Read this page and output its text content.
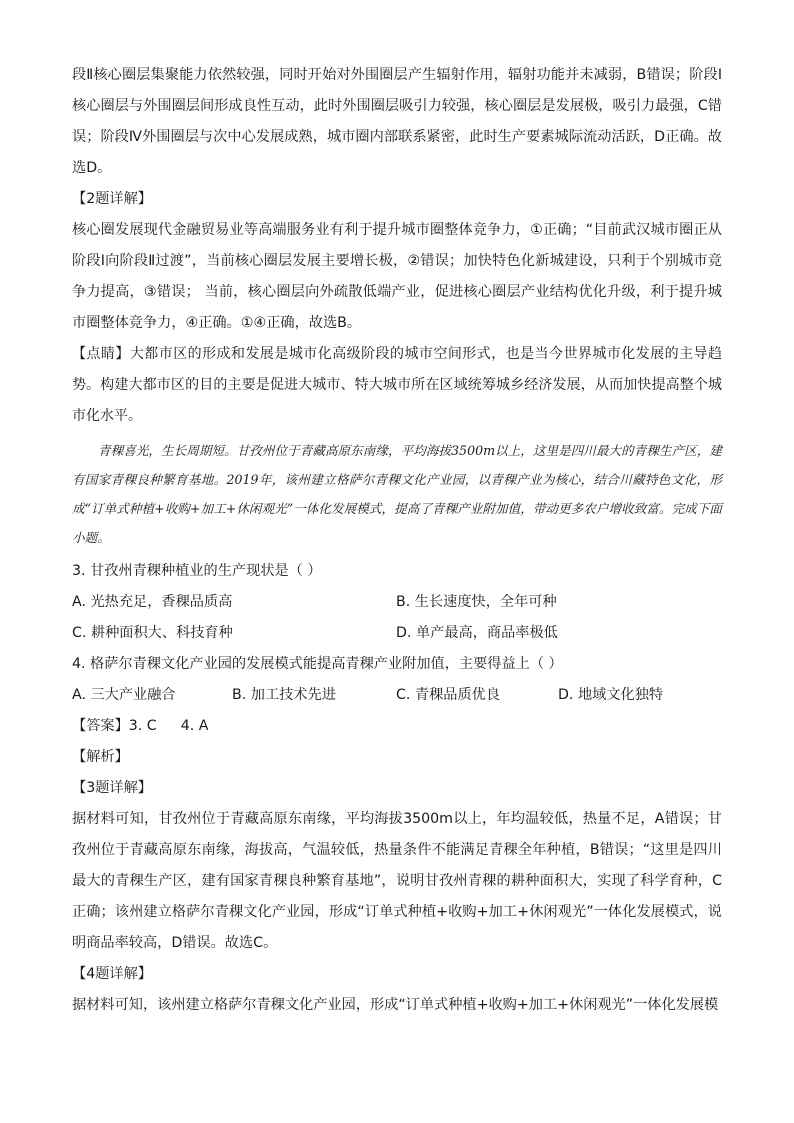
段Ⅱ核心圈层集聚能力依然较强，同时开始对外围圈层产生辐射作用，辐射功能并未减弱，B错误；阶段Ⅰ核心圈层与外围圈层间形成良性互动，此时外围圈层吸引力较强，核心圈层是发展极，吸引力最强，C错误；阶段Ⅳ外围圈层与次中心发展成熟，城市圈内部联系紧密，此时生产要素城际流动活跃，D正确。故选D。

【2题详解】

核心圈发展现代金融贸易业等高端服务业有利于提升城市圈整体竞争力，①正确；“目前武汉城市圈正从阶段Ⅰ向阶段Ⅱ过渡”，当前核心圈层发展主要增长极，②错误；加快特色化新城建设，只利于个别城市竞争力提高，③错误； 当前，核心圈层向外疏散低端产业，促进核心圈层产业结构优化升级，利于提升城市圈整体竞争力，④正确。①④正确，故选B。

【点睛】大都市区的形成和发展是城市化高级阶段的城市空间形式，也是当今世界城市化发展的主导趋势。构建大都市区的目的主要是促进大城市、特大城市所在区域统筹城乡经济发展，从而加快提高整个城市化水平。

青稞喜光，生长周期短。甘孜州位于青藏高原东南缘，平均海拔3500m以上，这里是四川最大的青稞生产区，建有国家青稞良种繁育基地。2019年，该州建立格萨尔青稞文化产业园，以青稞产业为核心，结合川藏特色文化，形成“订单式种植+收购+加工+休闲观光”一体化发展模式，提高了青稞产业附加值，带动更多农户增收致富。完成下面小题。

3. 甘孜州青稞种植业的生产现状是（ ）
A. 光热充足，香稞品质高	B. 生长速度快，全年可种
C. 耕种面积大、科技育种	D. 单产最高，商品率极低
4. 格萨尔青稞文化产业园的发展模式能提高青稞产业附加值，主要得益上（ ）
A. 三大产业融合	B. 加工技术先进	C. 青稞品质优良	D. 地域文化独特
【答案】3. C 4. A
【解析】
【3题详解】

据材料可知，甘孜州位于青藏高原东南缘，平均海拔3500m以上，年均温较低，热量不足，A错误；甘孜州位于青藏高原东南缘，海拔高，气温较低，热量条件不能满足青稞全年种植，B错误；“这里是四川最大的青稞生产区，建有国家青稞良种繁育基地”，说明甘孜州青稞的耕种面积大，实现了科学育种，C正确；该州建立格萨尔青稞文化产业园，形成“订单式种植+收购+加工+休闲观光”一体化发展模式，说明商品率较高，D错误。故选C。

【4题详解】

据材料可知，该州建立格萨尔青稞文化产业园，形成“订单式种植+收购+加工+休闲观光”一体化发展模
